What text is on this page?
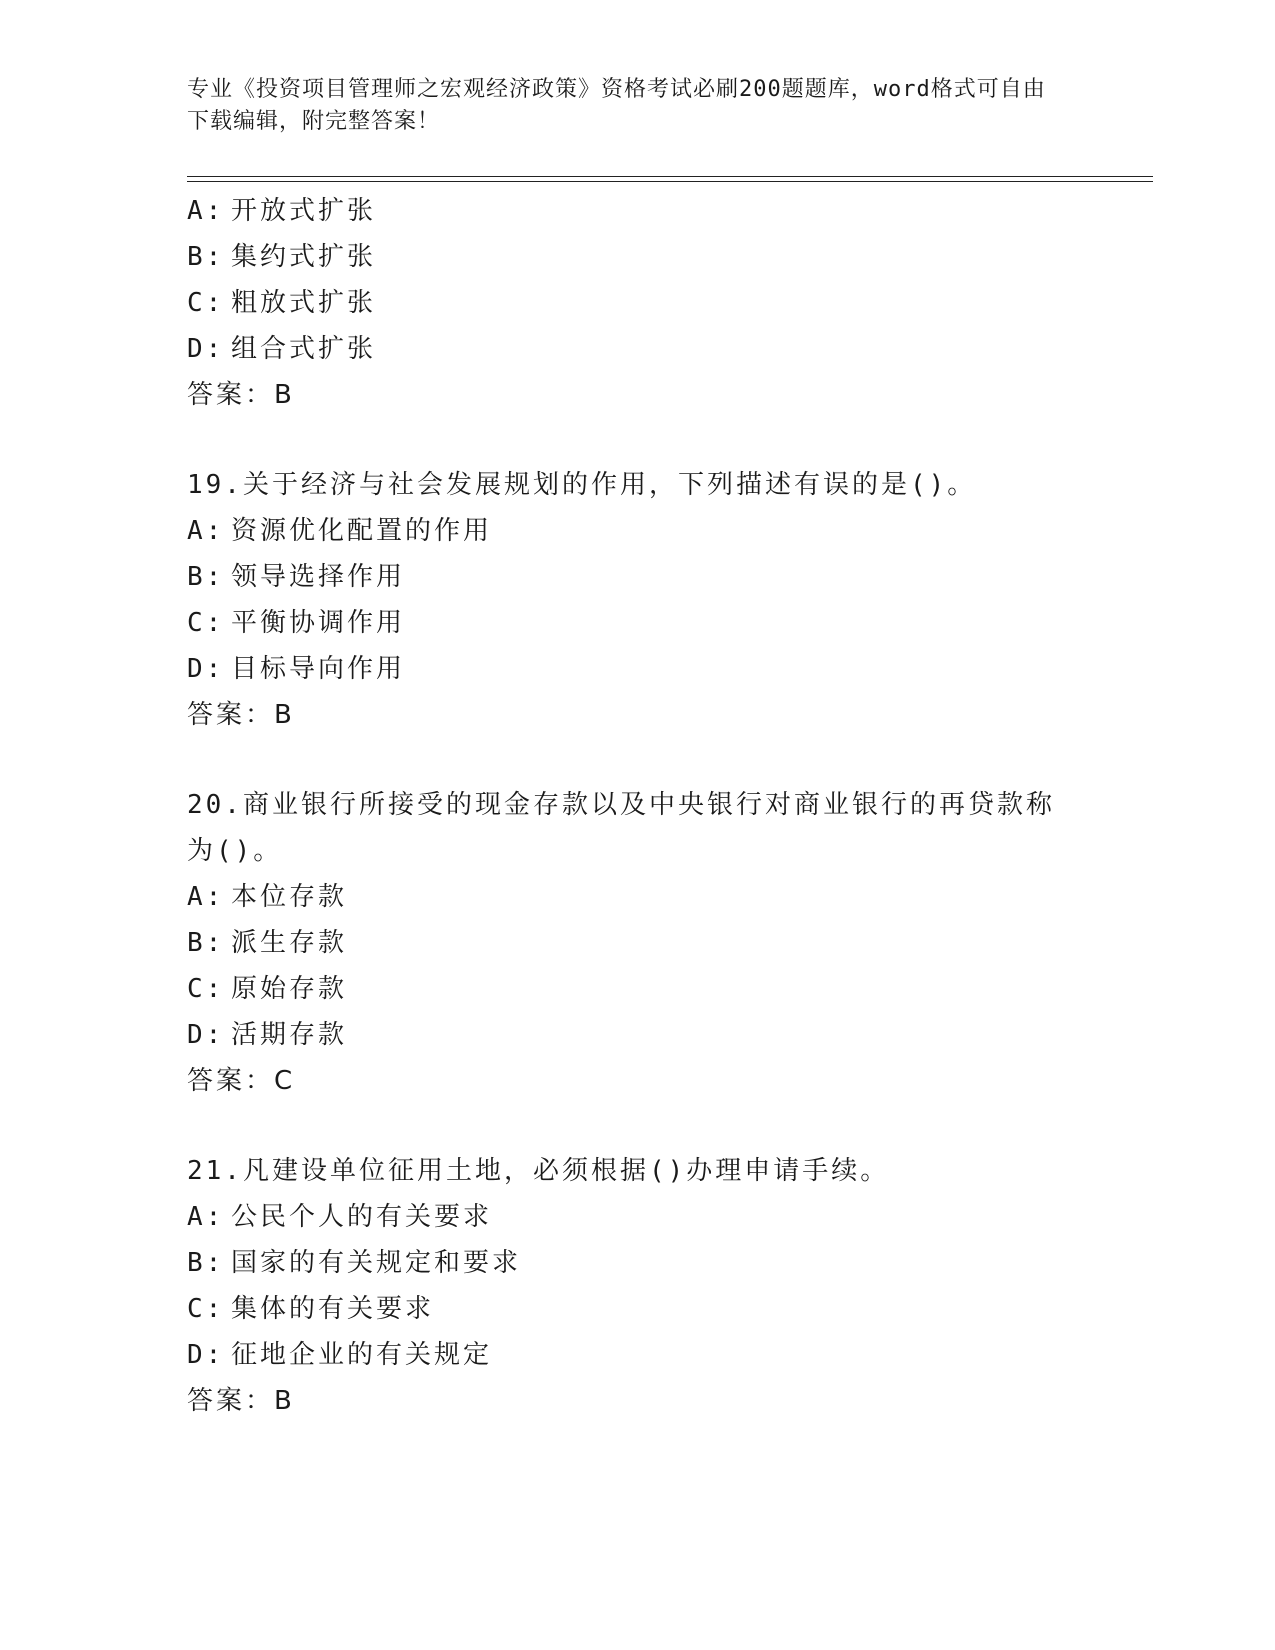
专业《投资项目管理师之宏观经济政策》资格考试必刷200题题库，word格式可自由下载编辑，附完整答案！
A: 开放式扩张
B: 集约式扩张
C: 粗放式扩张
D: 组合式扩张
答案：B
19.关于经济与社会发展规划的作用，下列描述有误的是()。
A: 资源优化配置的作用
B: 领导选择作用
C: 平衡协调作用
D: 目标导向作用
答案：B
20.商业银行所接受的现金存款以及中央银行对商业银行的再贷款称为()。
A: 本位存款
B: 派生存款
C: 原始存款
D: 活期存款
答案：C
21.凡建设单位征用土地，必须根据()办理申请手续。
A: 公民个人的有关要求
B: 国家的有关规定和要求
C: 集体的有关要求
D: 征地企业的有关规定
答案：B
